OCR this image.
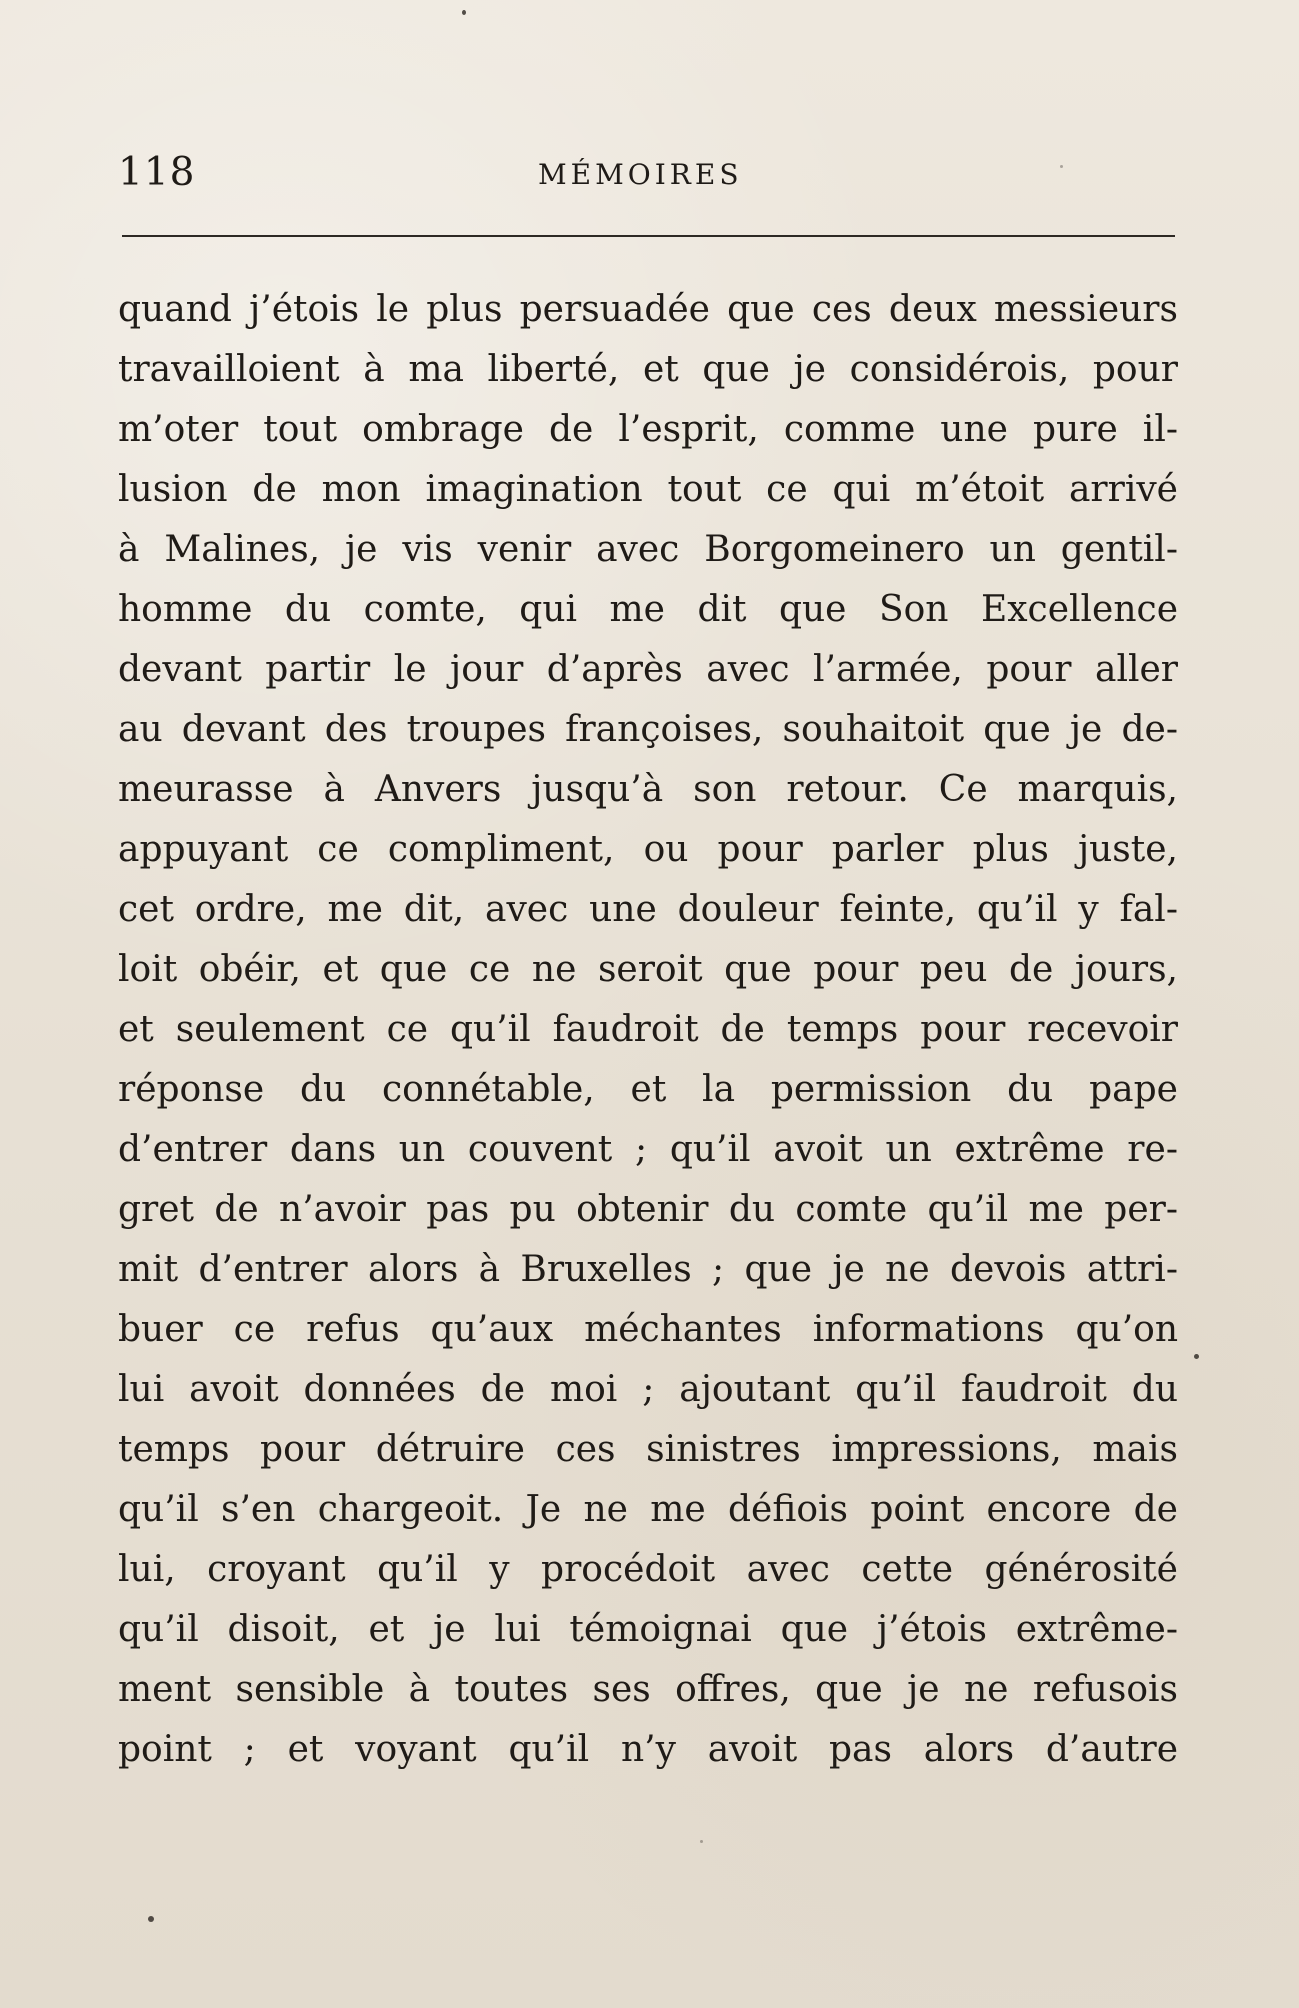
118	MÉMOIRES
quand j’étois le plus persuadée que ces deux messieurs
travailloient à ma liberté, et que je considérois, pour
m’oter tout ombrage de l’esprit, comme une pure il-
lusion de mon imagination tout ce qui m’étoit arrivé
à Malines, je vis venir avec Borgomeinero un gentil-
homme du comte, qui me dit que Son Excellence
devant partir le jour d’après avec l’armée, pour aller
au devant des troupes françoises, souhaitoit que je de-
meurasse à Anvers jusqu’à son retour. Ce marquis,
appuyant ce compliment, ou pour parler plus juste,
cet ordre, me dit, avec une douleur feinte, qu’il y fal-
loit obéir, et que ce ne seroit que pour peu de jours,
et seulement ce qu’il faudroit de temps pour recevoir
réponse du connétable, et la permission du pape
d’entrer dans un couvent ; qu’il avoit un extrême re-
gret de n’avoir pas pu obtenir du comte qu’il me per-
mit d’entrer alors à Bruxelles ; que je ne devois attri-
buer ce refus qu’aux méchantes informations qu’on
lui avoit données de moi ; ajoutant qu’il faudroit du
temps pour détruire ces sinistres impressions, mais
qu’il s’en chargeoit. Je ne me défiois point encore de
lui, croyant qu’il y procédoit avec cette générosité
qu’il disoit, et je lui témoignai que j’étois extrême-
ment sensible à toutes ses offres, que je ne refusois
point ; et voyant qu’il n’y avoit pas alors d’autre
